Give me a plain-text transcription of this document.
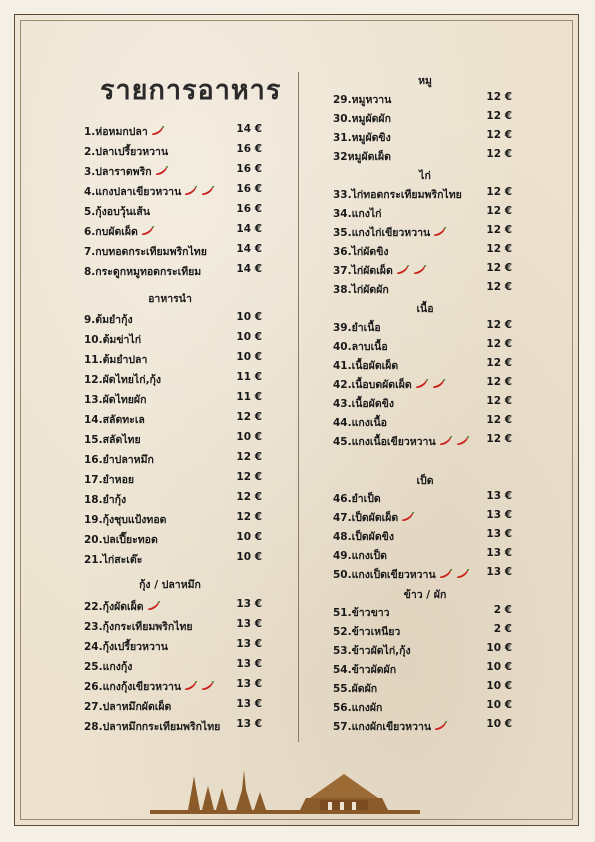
รายการอาหาร
1.ห่อหมกปลา	14 €
2.ปลาเปรี้ยวหวาน	16 €
3.ปลาราดพริก	16 €
4.แกงปลาเขียวหวาน	16 €
5.กุ้งอบวุ้นเส้น	16 €
6.กบผัดเผ็ด	14 €
7.กบทอดกระเทียมพริกไทย	14 €
8.กระดูกหมูทอดกระเทียม	14 €
อาหารนำ
9.ต้มยำกุ้ง	10 €
10.ต้มข่าไก่	10 €
11.ต้มยำปลา	10 €
12.ผัดไทยไก่,กุ้ง	11 €
13.ผัดไทยผัก	11 €
14.สลัดทะเล	12 €
15.สลัดไทย	10 €
16.ยำปลาหมึก	12 €
17.ยำหอย	12 €
18.ยำกุ้ง	12 €
19.กุ้งชุบแป้งทอด	12 €
20.ปลเปี๊ยะทอด	10 €
21.ไก่สะเต๊ะ	10 €
กุ้ง / ปลาหมึก
22.กุ้งผัดเผ็ด	13 €
23.กุ้งกระเทียมพริกไทย	13 €
24.กุ้งเปรี้ยวหวาน	13 €
25.แกงกุ้ง	13 €
26.แกงกุ้งเขียวหวาน	13 €
27.ปลาหมึกผัดเผ็ด	13 €
28.ปลาหมึกกระเทียมพริกไทย 13 €
หมู
29.หมูหวาน	12 €
30.หมูผัดผัก	12 €
31.หมูผัดขิง	12 €
32หมูผัดเผ็ด	12 €
ไก่
33.ไก่ทอดกระเทียมพริกไทย 12 €
34.แกงไก่	12 €
35.แกงไก่เขียวหวาน	12 €
36.ไก่ผัดขิง	12 €
37.ไก่ผัดเผ็ด	12 €
38.ไก่ผัดผัก	12 €
เนื้อ
39.ยำเนื้อ	12 €
40.ลาบเนื้อ	12 €
41.เนื้อผัดเผ็ด	12 €
42.เนื้อบดผัดเผ็ด	12 €
43.เนื้อผัดขิง	12 €
44.แกงเนื้อ	12 €
45.แกงเนื้อเขียวหวาน	12 €
เป็ด
46.ยำเป็ด	13 €
47.เป็ดผัดเผ็ด	13 €
48.เป็ดผัดขิง	13 €
49.แกงเป็ด	13 €
50.แกงเป็ดเขียวหวาน	13 €
ข้าว / ผัก
51.ข้าวขาว	2 €
52.ข้าวเหนียว	2 €
53.ข้าวผัดไก่,กุ้ง	10 €
54.ข้าวผัดผัก	10 €
55.ผัดผัก	10 €
56.แกงผัก	10 €
57.แกงผักเขียวหวาน	10 €
